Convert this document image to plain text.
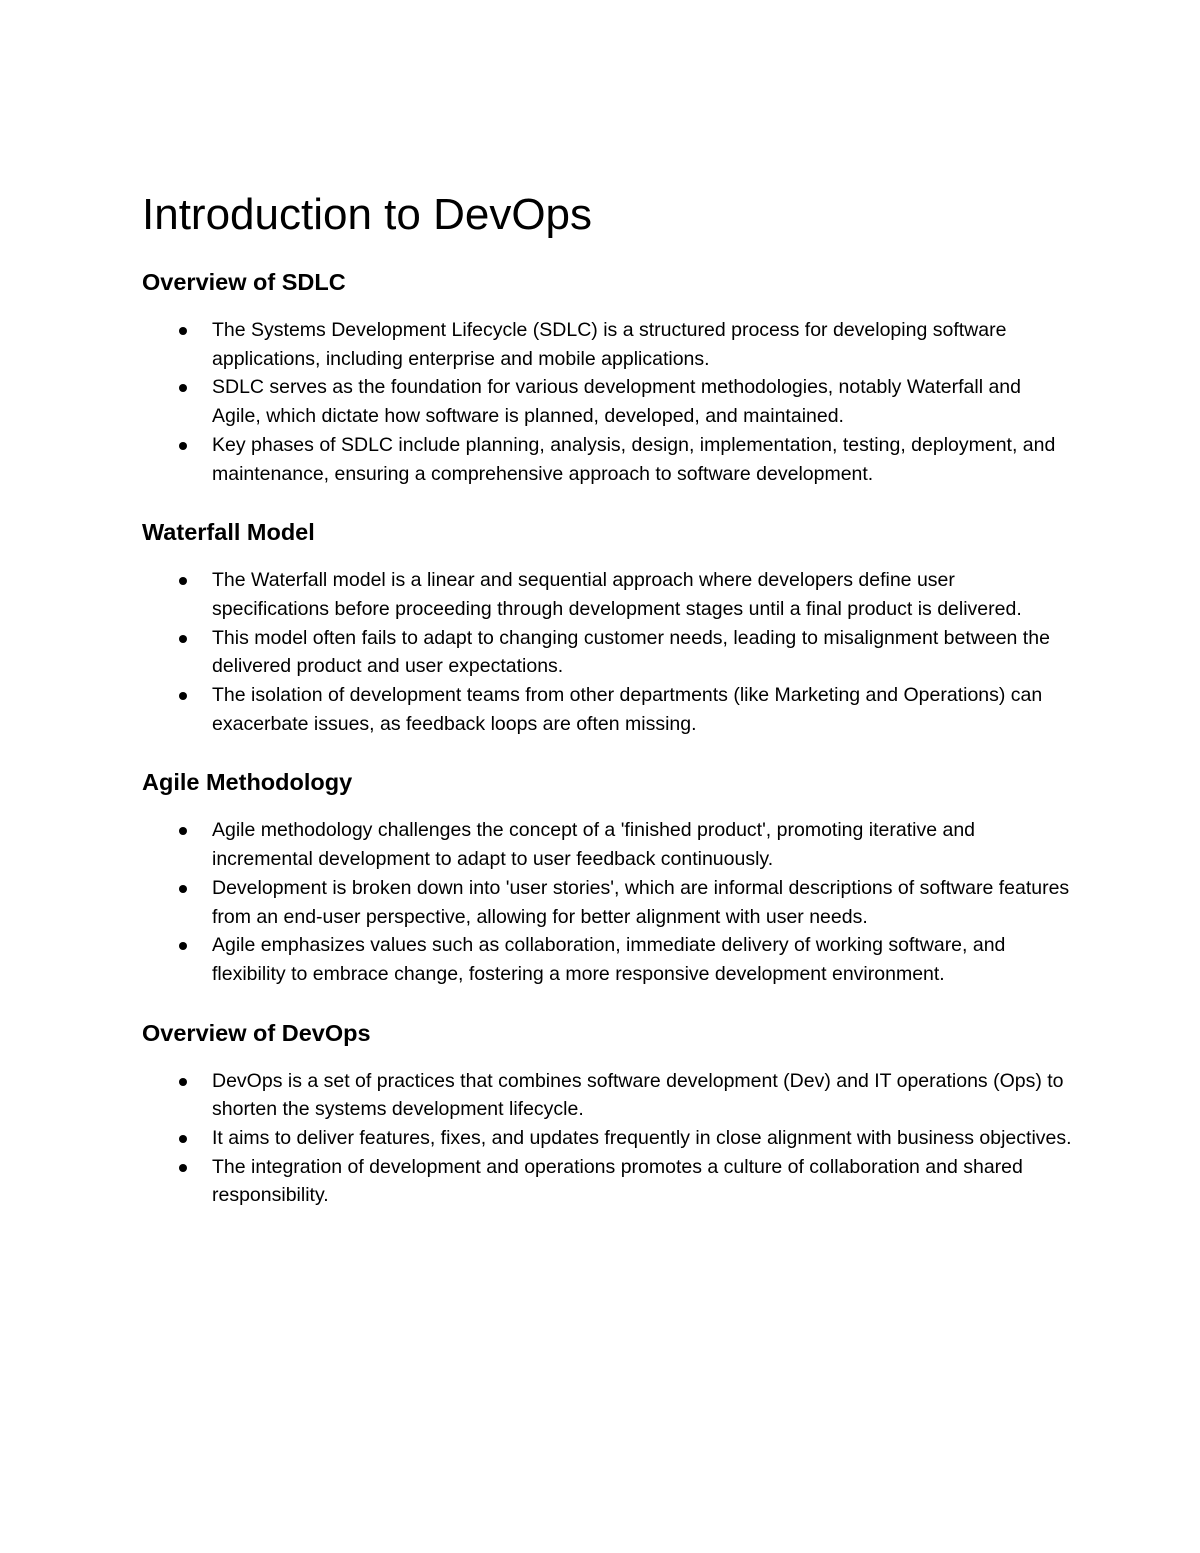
Introduction to DevOps
Overview of SDLC
The Systems Development Lifecycle (SDLC) is a structured process for developing software applications, including enterprise and mobile applications.
SDLC serves as the foundation for various development methodologies, notably Waterfall and Agile, which dictate how software is planned, developed, and maintained.
Key phases of SDLC include planning, analysis, design, implementation, testing, deployment, and maintenance, ensuring a comprehensive approach to software development.
Waterfall Model
The Waterfall model is a linear and sequential approach where developers define user specifications before proceeding through development stages until a final product is delivered.
This model often fails to adapt to changing customer needs, leading to misalignment between the delivered product and user expectations.
The isolation of development teams from other departments (like Marketing and Operations) can exacerbate issues, as feedback loops are often missing.
Agile Methodology
Agile methodology challenges the concept of a 'finished product', promoting iterative and incremental development to adapt to user feedback continuously.
Development is broken down into 'user stories', which are informal descriptions of software features from an end-user perspective, allowing for better alignment with user needs.
Agile emphasizes values such as collaboration, immediate delivery of working software, and flexibility to embrace change, fostering a more responsive development environment.
Overview of DevOps
DevOps is a set of practices that combines software development (Dev) and IT operations (Ops) to shorten the systems development lifecycle.
It aims to deliver features, fixes, and updates frequently in close alignment with business objectives.
The integration of development and operations promotes a culture of collaboration and shared responsibility.
